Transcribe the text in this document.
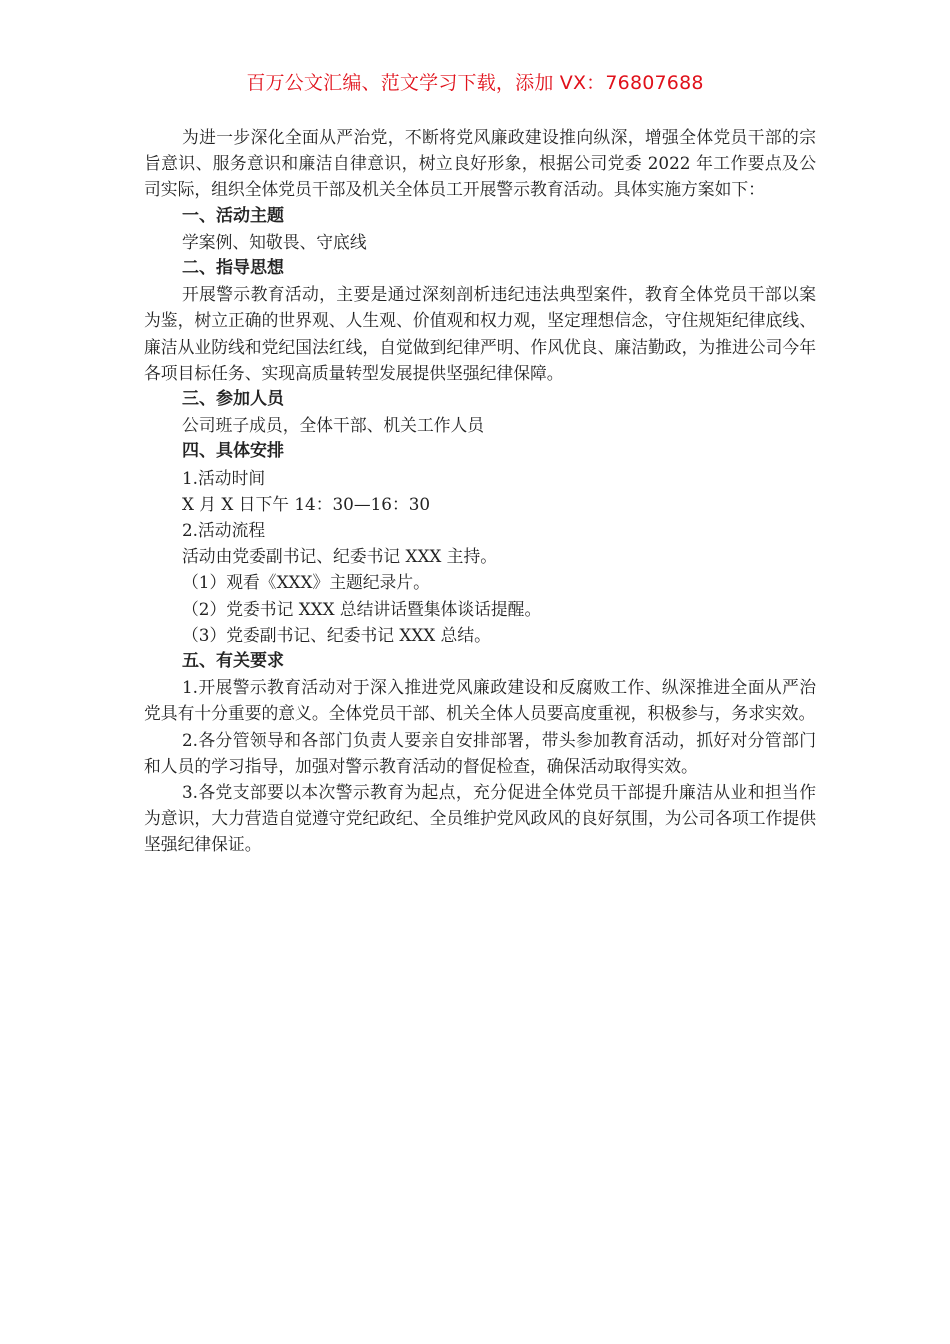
百万公文汇编、范文学习下载，添加 VX：76807688

为进一步深化全面从严治党，不断将党风廉政建设推向纵深，增强全体党员干部的宗旨意识、服务意识和廉洁自律意识，树立良好形象，根据公司党委 2022 年工作要点及公司实际，组织全体党员干部及机关全体员工开展警示教育活动。具体实施方案如下：

一、活动主题

学案例、知敬畏、守底线

二、指导思想

开展警示教育活动，主要是通过深刻剖析违纪违法典型案件，教育全体党员干部以案为鉴，树立正确的世界观、人生观、价值观和权力观，坚定理想信念，守住规矩纪律底线、廉洁从业防线和党纪国法红线，自觉做到纪律严明、作风优良、廉洁勤政，为推进公司今年各项目标任务、实现高质量转型发展提供坚强纪律保障。

三、参加人员

公司班子成员，全体干部、机关工作人员

四、具体安排

1.活动时间

X 月 X 日下午 14：30—16：30

2.活动流程

活动由党委副书记、纪委书记 XXX 主持。

（1）观看《XXX》主题纪录片。

（2）党委书记 XXX 总结讲话暨集体谈话提醒。

（3）党委副书记、纪委书记 XXX 总结。

五、有关要求

1.开展警示教育活动对于深入推进党风廉政建设和反腐败工作、纵深推进全面从严治党具有十分重要的意义。全体党员干部、机关全体人员要高度重视，积极参与，务求实效。

2.各分管领导和各部门负责人要亲自安排部署，带头参加教育活动，抓好对分管部门和人员的学习指导，加强对警示教育活动的督促检查，确保活动取得实效。

3.各党支部要以本次警示教育为起点，充分促进全体党员干部提升廉洁从业和担当作为意识，大力营造自觉遵守党纪政纪、全员维护党风政风的良好氛围，为公司各项工作提供坚强纪律保证。
